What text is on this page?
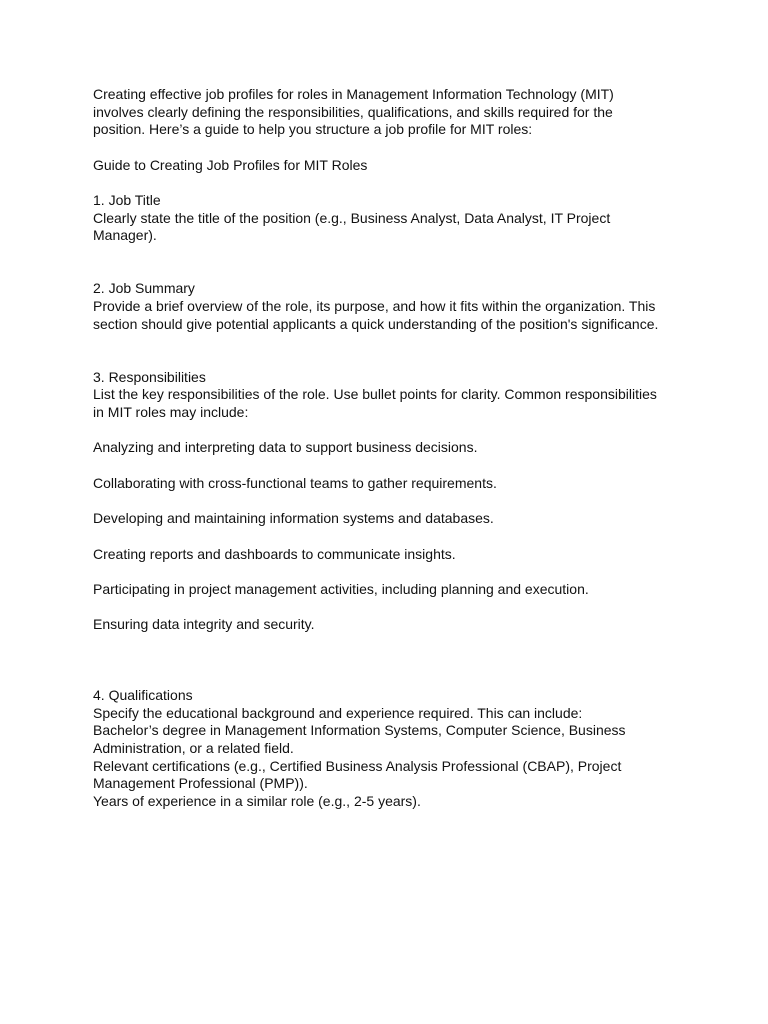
Creating effective job profiles for roles in Management Information Technology (MIT)
involves clearly defining the responsibilities, qualifications, and skills required for the
position. Here’s a guide to help you structure a job profile for MIT roles:
Guide to Creating Job Profiles for MIT Roles
1. Job Title
Clearly state the title of the position (e.g., Business Analyst, Data Analyst, IT Project
Manager).
2. Job Summary
Provide a brief overview of the role, its purpose, and how it fits within the organization. This
section should give potential applicants a quick understanding of the position's significance.
3. Responsibilities
List the key responsibilities of the role. Use bullet points for clarity. Common responsibilities
in MIT roles may include:
Analyzing and interpreting data to support business decisions.
Collaborating with cross-functional teams to gather requirements.
Developing and maintaining information systems and databases.
Creating reports and dashboards to communicate insights.
Participating in project management activities, including planning and execution.
Ensuring data integrity and security.
4. Qualifications
Specify the educational background and experience required. This can include:
Bachelor’s degree in Management Information Systems, Computer Science, Business
Administration, or a related field.
Relevant certifications (e.g., Certified Business Analysis Professional (CBAP), Project
Management Professional (PMP)).
Years of experience in a similar role (e.g., 2-5 years).
